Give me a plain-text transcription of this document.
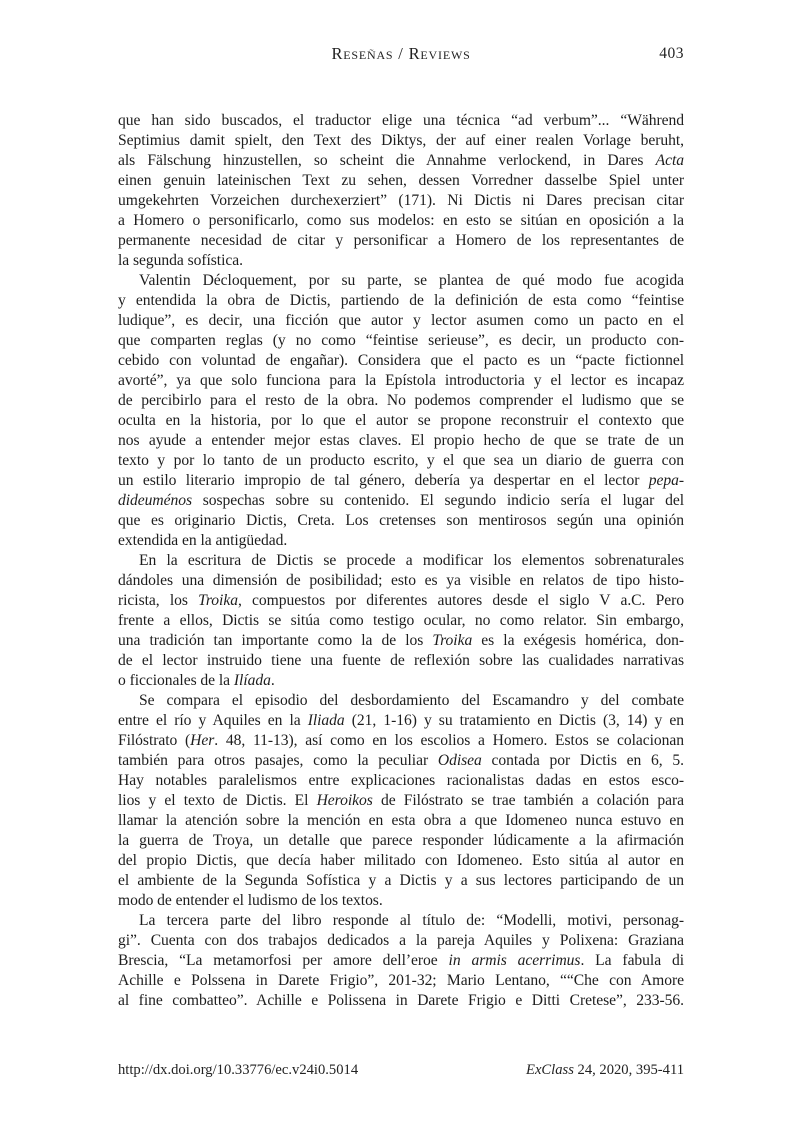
Reseñas / Reviews	403
que han sido buscados, el traductor elige una técnica “ad verbum”... “Während
Septimius damit spielt, den Text des Diktys, der auf einer realen Vorlage beruht,
als Fälschung hinzustellen, so scheint die Annahme verlockend, in Dares Acta
einen genuin lateinischen Text zu sehen, dessen Vorredner dasselbe Spiel unter
umgekehrten Vorzeichen durchexerziert” (171). Ni Dictis ni Dares precisan citar
a Homero o personificarlo, como sus modelos: en esto se sitúan en oposición a la
permanente necesidad de citar y personificar a Homero de los representantes de
la segunda sofística.
Valentin Décloquement, por su parte, se plantea de qué modo fue acogida
y entendida la obra de Dictis, partiendo de la definición de esta como “feintise
ludique”, es decir, una ficción que autor y lector asumen como un pacto en el
que comparten reglas (y no como “feintise serieuse”, es decir, un producto con-
cebido con voluntad de engañar). Considera que el pacto es un “pacte fictionnel
avorté”, ya que solo funciona para la Epístola introductoria y el lector es incapaz
de percibirlo para el resto de la obra. No podemos comprender el ludismo que se
oculta en la historia, por lo que el autor se propone reconstruir el contexto que
nos ayude a entender mejor estas claves. El propio hecho de que se trate de un
texto y por lo tanto de un producto escrito, y el que sea un diario de guerra con
un estilo literario impropio de tal género, debería ya despertar en el lector pepa-
dideuménos sospechas sobre su contenido. El segundo indicio sería el lugar del
que es originario Dictis, Creta. Los cretenses son mentirosos según una opinión
extendida en la antigüedad.
En la escritura de Dictis se procede a modificar los elementos sobrenaturales
dándoles una dimensión de posibilidad; esto es ya visible en relatos de tipo histo-
ricista, los Troika, compuestos por diferentes autores desde el siglo V a.C. Pero
frente a ellos, Dictis se sitúa como testigo ocular, no como relator. Sin embargo,
una tradición tan importante como la de los Troika es la exégesis homérica, don-
de el lector instruido tiene una fuente de reflexión sobre las cualidades narrativas
o ficcionales de la Ilíada.
Se compara el episodio del desbordamiento del Escamandro y del combate
entre el río y Aquiles en la Iliada (21, 1-16) y su tratamiento en Dictis (3, 14) y en
Filóstrato (Her. 48, 11-13), así como en los escolios a Homero. Estos se colacionan
también para otros pasajes, como la peculiar Odisea contada por Dictis en 6, 5.
Hay notables paralelismos entre explicaciones racionalistas dadas en estos esco-
lios y el texto de Dictis. El Heroikos de Filóstrato se trae también a colación para
llamar la atención sobre la mención en esta obra a que Idomeneo nunca estuvo en
la guerra de Troya, un detalle que parece responder lúdicamente a la afirmación
del propio Dictis, que decía haber militado con Idomeneo. Esto sitúa al autor en
el ambiente de la Segunda Sofística y a Dictis y a sus lectores participando de un
modo de entender el ludismo de los textos.
La tercera parte del libro responde al título de: “Modelli, motivi, personag-
gi”. Cuenta con dos trabajos dedicados a la pareja Aquiles y Polixena: Graziana
Brescia, “La metamorfosi per amore dell’eroe in armis acerrimus. La fabula di
Achille e Polssena in Darete Frigio”, 201-32; Mario Lentano, ““Che con Amore
al fine combatteo”. Achille e Polissena in Darete Frigio e Ditti Cretese”, 233-56.
http://dx.doi.org/10.33776/ec.v24i0.5014	ExClass 24, 2020, 395-411
